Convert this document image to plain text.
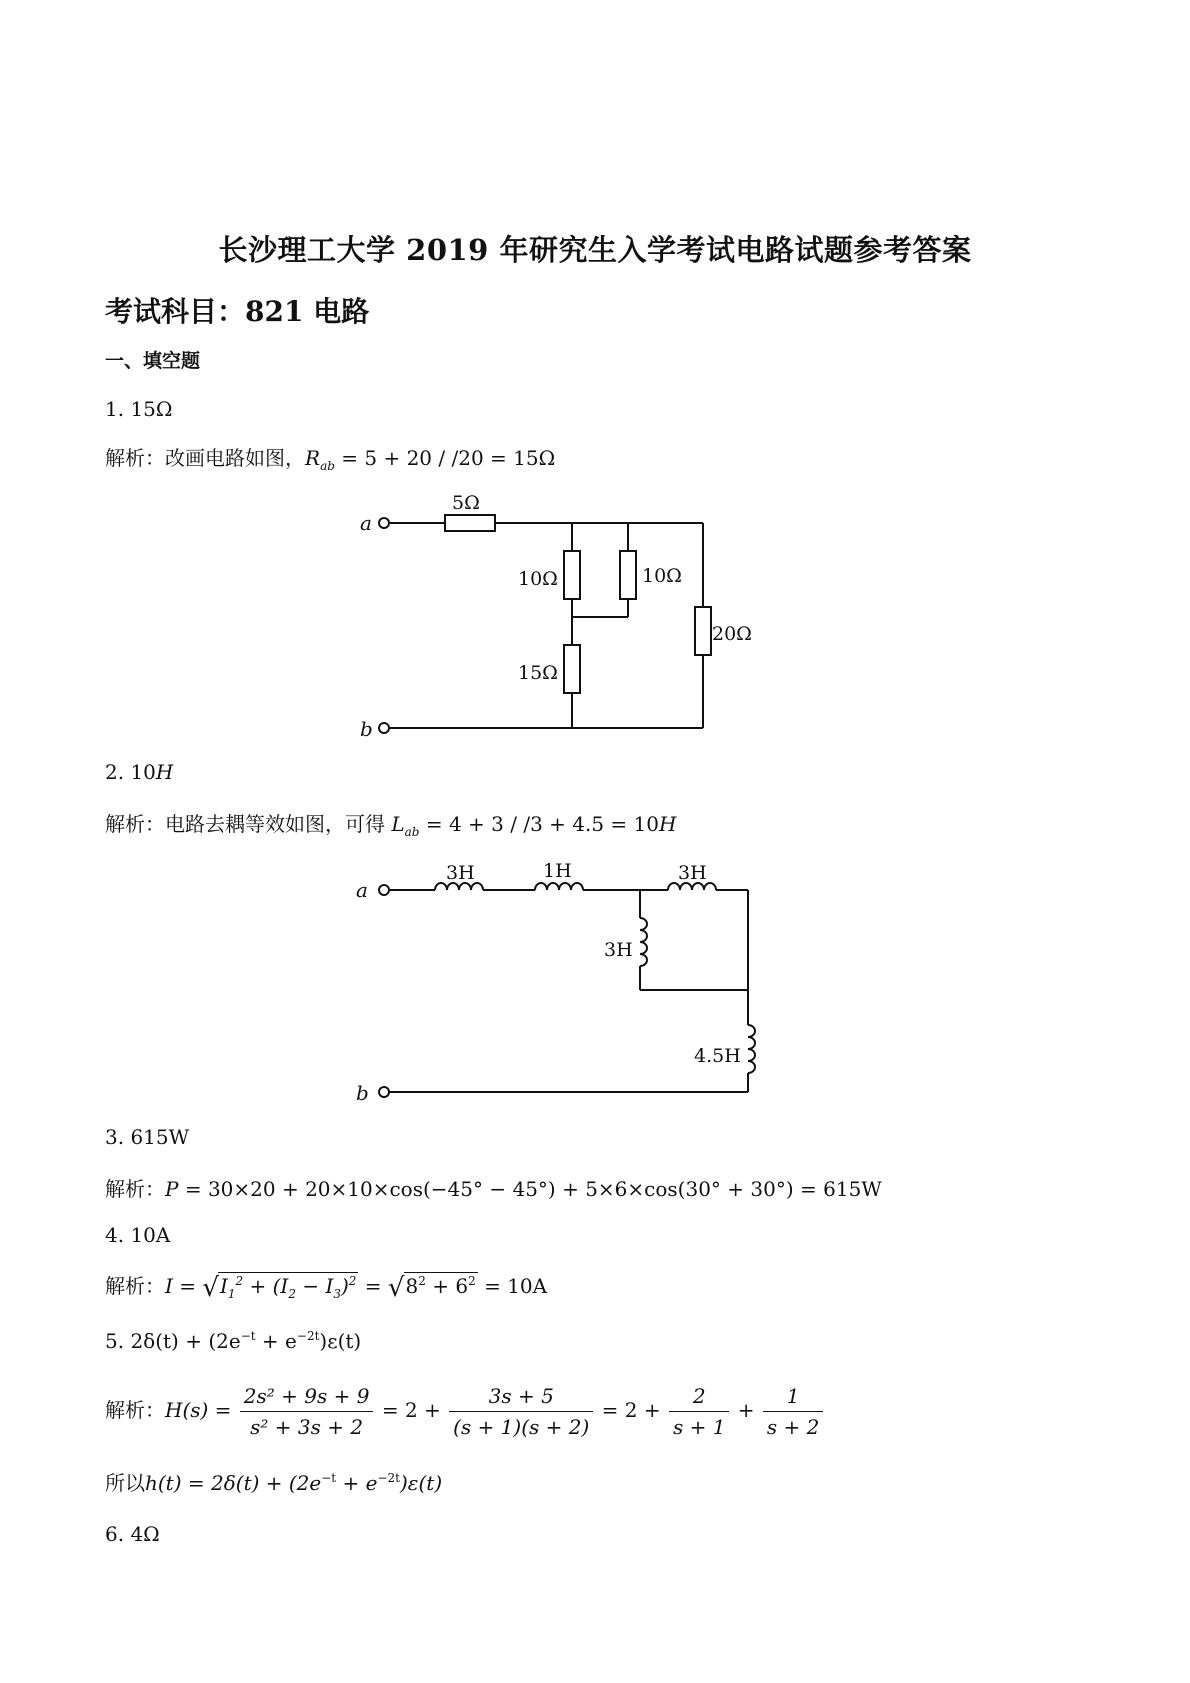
长沙理工大学 2019 年研究生入学考试电路试题参考答案
考试科目：821 电路
一、填空题
1. 15Ω
解析：改画电路如图，$R_{ab} = 5 + 20 / /20 = 15\Omega$
a
b
5Ω
10Ω	10Ω
15Ω
20Ω
2. 10H
解析：电路去耦等效如图，可得 $L_{ab} = 4 + 3 / /3 + 4.5 = 10H$
a
b
3H	1H	3H
3H
4.5H
3. 615W
解析：P = 30×20 + 20×10×cos(−45° − 45°) + 5×6×cos(30° + 30°) = 615W
4. 10A
解析：$I = √I_1^2 + (I_2 - I_3)^2 = √8^2 + 6^2 = 10A$
5. $2\delta(t) + (2e^{-t} + e^{-2t})\varepsilon(t)$
解析：$H(s) = \frac{\text{2s² + 9s + 9}}{\text{s² + 3s + 2}} = 2 + \frac{3s + 5}{(s + 1)(s + 2)} = 2 + \frac{2}{s + 1} + \frac{1}{s + 2}$
所以$h(t) = 2\delta(t) + (2e^{-t} + e^{-2t})\varepsilon(t)$
6. 4Ω
